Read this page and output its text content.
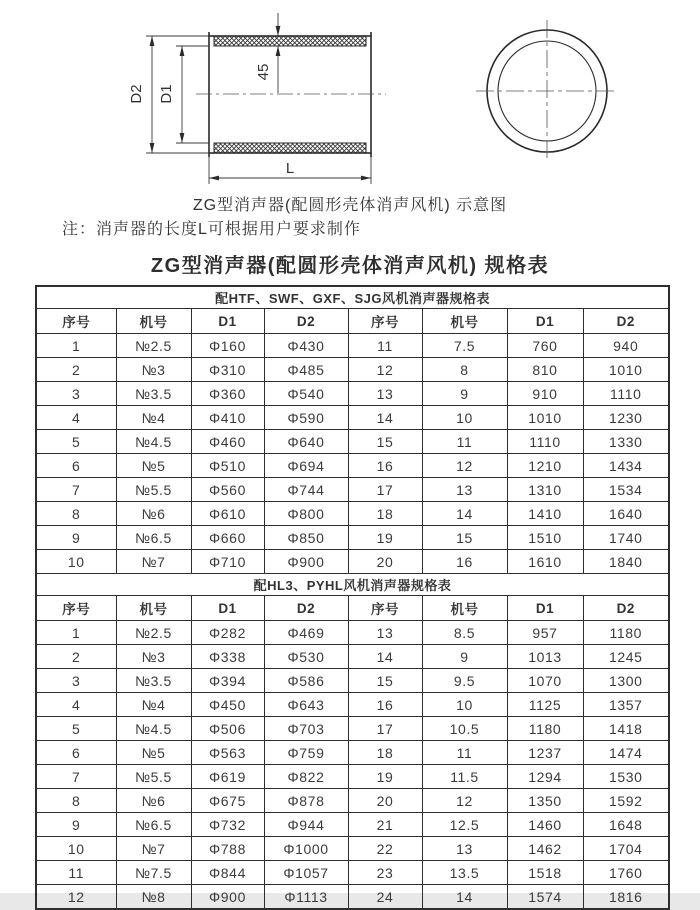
D2 D1
45
L
ZG型消声器(配圆形壳体消声风机) 示意图
注：消声器的长度L可根据用户要求制作
ZG型消声器(配圆形壳体消声风机) 规格表
配HTF、SWF、GXF、SJG风机消声器规格表							
序号	机号	D1	D2	序号	机号	D1	D2
1	№2.5	Φ160	Φ430	11	7.5	760	940
2	№3	Φ310	Φ485	12	8	810	1010
3	№3.5	Φ360	Φ540	13	9	910	1110
4	№4	Φ410	Φ590	14	10	1010	1230
5	№4.5	Φ460	Φ640	15	11	1110	1330
6	№5	Φ510	Φ694	16	12	1210	1434
7	№5.5	Φ560	Φ744	17	13	1310	1534
8	№6	Φ610	Φ800	18	14	1410	1640
9	№6.5	Φ660	Φ850	19	15	1510	1740
10	№7	Φ710	Φ900	20	16	1610	1840
配HL3、PYHL风机消声器规格表							
序号	机号	D1	D2	序号	机号	D1	D2
1	№2.5	Φ282	Φ469	13	8.5	957	1180
2	№3	Φ338	Φ530	14	9	1013	1245
3	№3.5	Φ394	Φ586	15	9.5	1070	1300
4	№4	Φ450	Φ643	16	10	1125	1357
5	№4.5	Φ506	Φ703	17	10.5	1180	1418
6	№5	Φ563	Φ759	18	11	1237	1474
7	№5.5	Φ619	Φ822	19	11.5	1294	1530
8	№6	Φ675	Φ878	20	12	1350	1592
9	№6.5	Φ732	Φ944	21	12.5	1460	1648
10	№7	Φ788	Φ1000	22	13	1462	1704
11	№7.5	Φ844	Φ1057	23	13.5	1518	1760
12	№8	Φ900	Φ1113	24	14	1574	1816
